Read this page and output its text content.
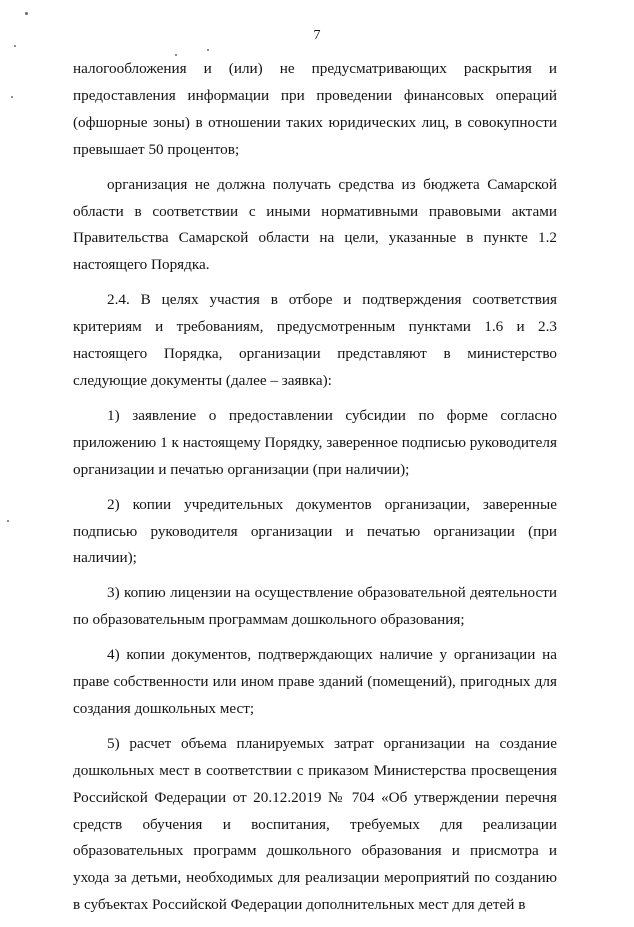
7

налогообложения и (или) не предусматривающих раскрытия и предоставления информации при проведении финансовых операций (офшорные зоны) в отношении таких юридических лиц, в совокупности превышает 50 процентов;

организация не должна получать средства из бюджета Самарской области в соответствии с иными нормативными правовыми актами Правительства Самарской области на цели, указанные в пункте 1.2 настоящего Порядка.

2.4. В целях участия в отборе и подтверждения соответствия критериям и требованиям, предусмотренным пунктами 1.6 и 2.3 настоящего Порядка, организации представляют в министерство следующие документы (далее – заявка):

1) заявление о предоставлении субсидии по форме согласно приложению 1 к настоящему Порядку, заверенное подписью руководителя организации и печатью организации (при наличии);

2) копии учредительных документов организации, заверенные подписью руководителя организации и печатью организации (при наличии);

3) копию лицензии на осуществление образовательной деятельности по образовательным программам дошкольного образования;

4) копии документов, подтверждающих наличие у организации на праве собственности или ином праве зданий (помещений), пригодных для создания дошкольных мест;

5) расчет объема планируемых затрат организации на создание дошкольных мест в соответствии с приказом Министерства просвещения Российской Федерации от 20.12.2019 № 704 «Об утверждении перечня средств обучения и воспитания, требуемых для реализации образовательных программ дошкольного образования и присмотра и ухода за детьми, необходимых для реализации мероприятий по созданию в субъектах Российской Федерации дополнительных мест для детей в
